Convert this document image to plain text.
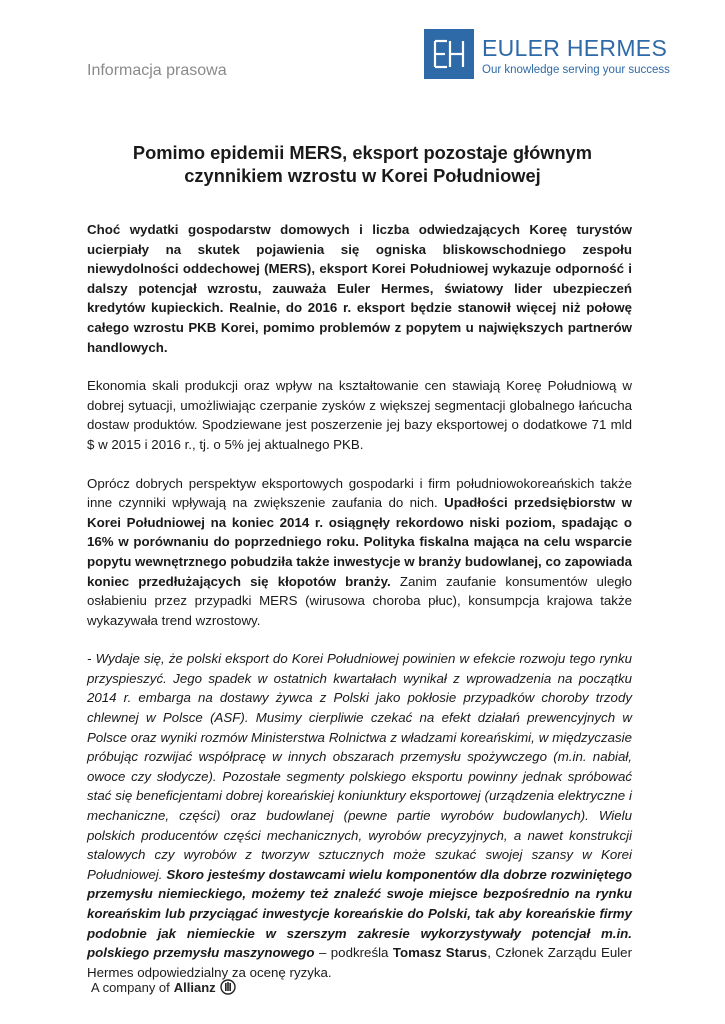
Informacja prasowa
EULER HERMES
Our knowledge serving your success
Pomimo epidemii MERS, eksport pozostaje głównym
czynnikiem wzrostu w Korei Południowej

Choć wydatki gospodarstw domowych i liczba odwiedzających Koreę turystów ucierpiały na skutek pojawienia się ogniska bliskowschodniego zespołu niewydolności oddechowej (MERS), eksport Korei Południowej wykazuje odporność i dalszy potencjał wzrostu, zauważa Euler Hermes, światowy lider ubezpieczeń kredytów kupieckich. Realnie, do 2016 r. eksport będzie stanowił więcej niż połowę całego wzrostu PKB Korei, pomimo problemów z popytem u największych partnerów handlowych.

Ekonomia skali produkcji oraz wpływ na kształtowanie cen stawiają Koreę Południową w dobrej sytuacji, umożliwiając czerpanie zysków z większej segmentacji globalnego łańcucha dostaw produktów. Spodziewane jest poszerzenie jej bazy eksportowej o dodatkowe 71 mld $ w 2015 i 2016 r., tj. o 5% jej aktualnego PKB.

Oprócz dobrych perspektyw eksportowych gospodarki i firm południowokoreańskich także inne czynniki wpływają na zwiększenie zaufania do nich. Upadłości przedsiębiorstw w Korei Południowej na koniec 2014 r. osiągnęły rekordowo niski poziom, spadając o 16% w porównaniu do poprzedniego roku. Polityka fiskalna mająca na celu wsparcie popytu wewnętrznego pobudziła także inwestycje w branży budowlanej, co zapowiada koniec przedłużających się kłopotów branży. Zanim zaufanie konsumentów uległo osłabieniu przez przypadki MERS (wirusowa choroba płuc), konsumpcja krajowa także wykazywała trend wzrostowy.

- Wydaje się, że polski eksport do Korei Południowej powinien w efekcie rozwoju tego rynku przyspieszyć. Jego spadek w ostatnich kwartałach wynikał z wprowadzenia na początku 2014 r. embarga na dostawy żywca z Polski jako pokłosie przypadków choroby trzody chlewnej w Polsce (ASF). Musimy cierpliwie czekać na efekt działań prewencyjnych w Polsce oraz wyniki rozmów Ministerstwa Rolnictwa z władzami koreańskimi, w międzyczasie próbując rozwijać współpracę w innych obszarach przemysłu spożywczego (m.in. nabiał, owoce czy słodycze). Pozostałe segmenty polskiego eksportu powinny jednak spróbować stać się beneficjentami dobrej koreańskiej koniunktury eksportowej (urządzenia elektryczne i mechaniczne, części) oraz budowlanej (pewne partie wyrobów budowlanych). Wielu polskich producentów części mechanicznych, wyrobów precyzyjnych, a nawet konstrukcji stalowych czy wyrobów z tworzyw sztucznych może szukać swojej szansy w Korei Południowej. Skoro jesteśmy dostawcami wielu komponentów dla dobrze rozwiniętego przemysłu niemieckiego, możemy też znaleźć swoje miejsce bezpośrednio na rynku koreańskim lub przyciągać inwestycje koreańskie do Polski, tak aby koreańskie firmy podobnie jak niemieckie w szerszym zakresie wykorzystywały potencjał m.in. polskiego przemysłu maszynowego – podkreśla Tomasz Starus, Członek Zarządu Euler Hermes odpowiedzialny za ocenę ryzyka.

A company of Allianz
